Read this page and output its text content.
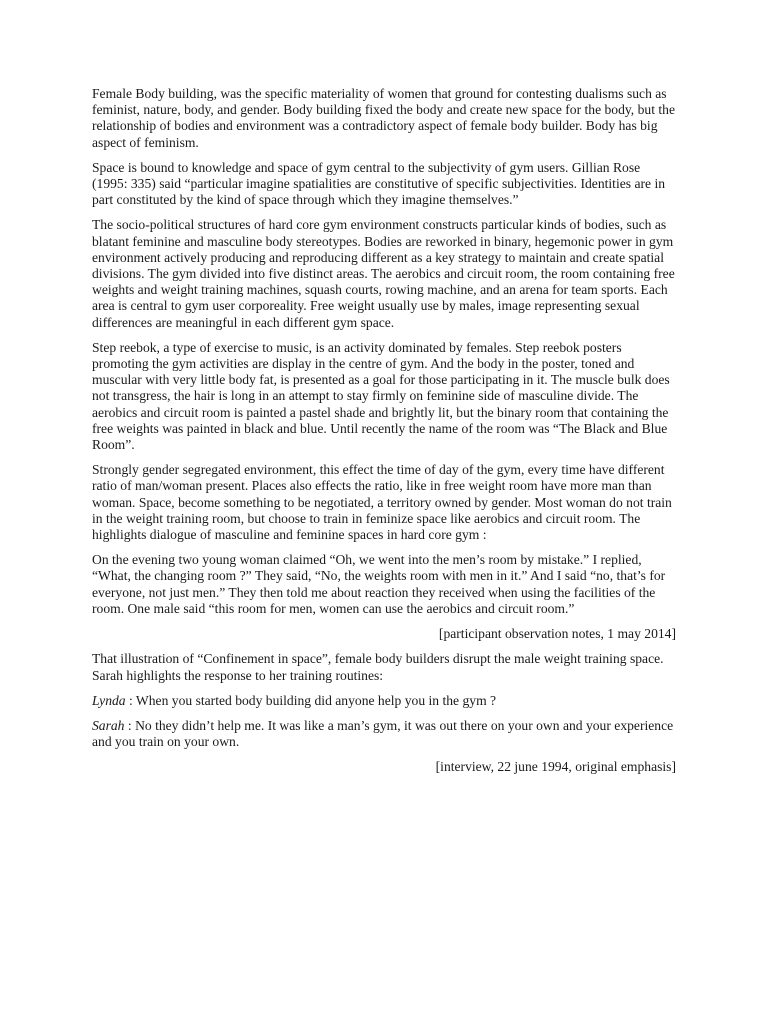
Female Body building, was the specific materiality of women that ground for contesting dualisms such as feminist, nature, body, and gender. Body building fixed the body and create new space for the body, but the relationship of bodies and environment was a contradictory aspect of female body builder. Body has big aspect of feminism.

Space is bound to knowledge and space of gym central to the subjectivity of gym users. Gillian Rose (1995: 335) said “particular imagine spatialities are constitutive of specific subjectivities. Identities are in part constituted by the kind of space through which they imagine themselves.”

The socio-political structures of hard core gym environment constructs particular kinds of bodies, such as blatant feminine and masculine body stereotypes. Bodies are reworked in binary, hegemonic power in gym environment actively producing and reproducing different as a key strategy to maintain and create spatial divisions. The gym divided into five distinct areas. The aerobics and circuit room, the room containing free weights and weight training machines, squash courts, rowing machine, and an arena for team sports. Each area is central to gym user corporeality. Free weight usually use by males, image representing sexual differences are meaningful in each different gym space.

Step reebok, a type of exercise to music, is an activity dominated by females. Step reebok posters promoting the gym activities are display in the centre of gym. And the body in the poster, toned and muscular with very little body fat, is presented as a goal for those participating in it. The muscle bulk does not transgress, the hair is long in an attempt to stay firmly on feminine side of masculine divide. The aerobics and circuit room is painted a pastel shade and brightly lit, but the binary room that containing the free weights was painted in black and blue. Until recently the name of the room was “The Black and Blue Room”.

Strongly gender segregated environment, this effect the time of day of the gym, every time have different ratio of man/woman present. Places also effects the ratio, like in free weight room have more man than woman. Space, become something to be negotiated, a territory owned by gender. Most woman do not train in the weight training room, but choose to train in feminize space like aerobics and circuit room. The highlights dialogue of masculine and feminine spaces in hard core gym :

On the evening two young woman claimed “Oh, we went into the men’s room by mistake.” I replied, “What, the changing room ?” They said, “No, the weights room with men in it.” And I said “no, that’s for everyone, not just men.” They then told me about reaction they received when using the facilities of the room. One male said “this room for men, women can use the aerobics and circuit room.”

[participant observation notes, 1 may 2014]

That illustration of “Confinement in space”, female body builders disrupt the male weight training space. Sarah highlights the response to her training routines:

Lynda : When you started body building did anyone help you in the gym ?

Sarah : No they didn’t help me. It was like a man’s gym, it was out there on your own and your experience and you train on your own.

[interview, 22 june 1994, original emphasis]
